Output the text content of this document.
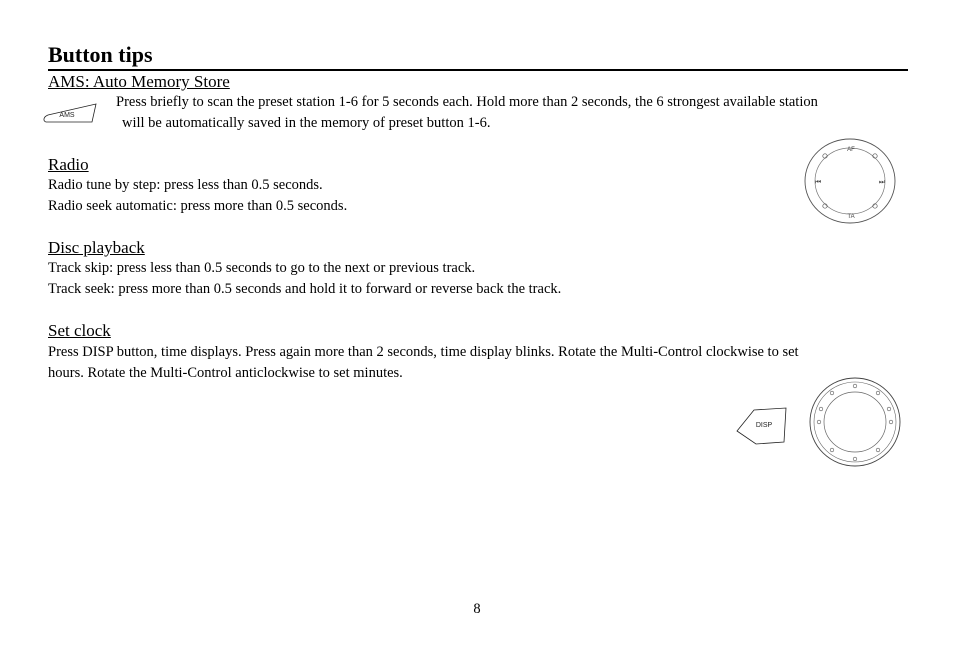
Button tips
AMS: Auto Memory Store
AMS
Press briefly to scan the preset station 1-6 for 5 seconds each. Hold more than 2 seconds, the 6 strongest available station
will be automatically saved in the memory of preset button 1-6.
Radio
Radio tune by step: press less than 0.5 seconds.
Radio seek automatic: press more than 0.5 seconds.
AF
TA
⏮	⏭
Disc playback
Track skip: press less than 0.5 seconds to go to the next or previous track.
Track seek: press more than 0.5 seconds and hold it to forward or reverse back the track.
Set clock
Press DISP button, time displays. Press again more than 2 seconds, time display blinks. Rotate the Multi-Control clockwise to set
hours. Rotate the Multi-Control anticlockwise to set minutes.
DISP
8
